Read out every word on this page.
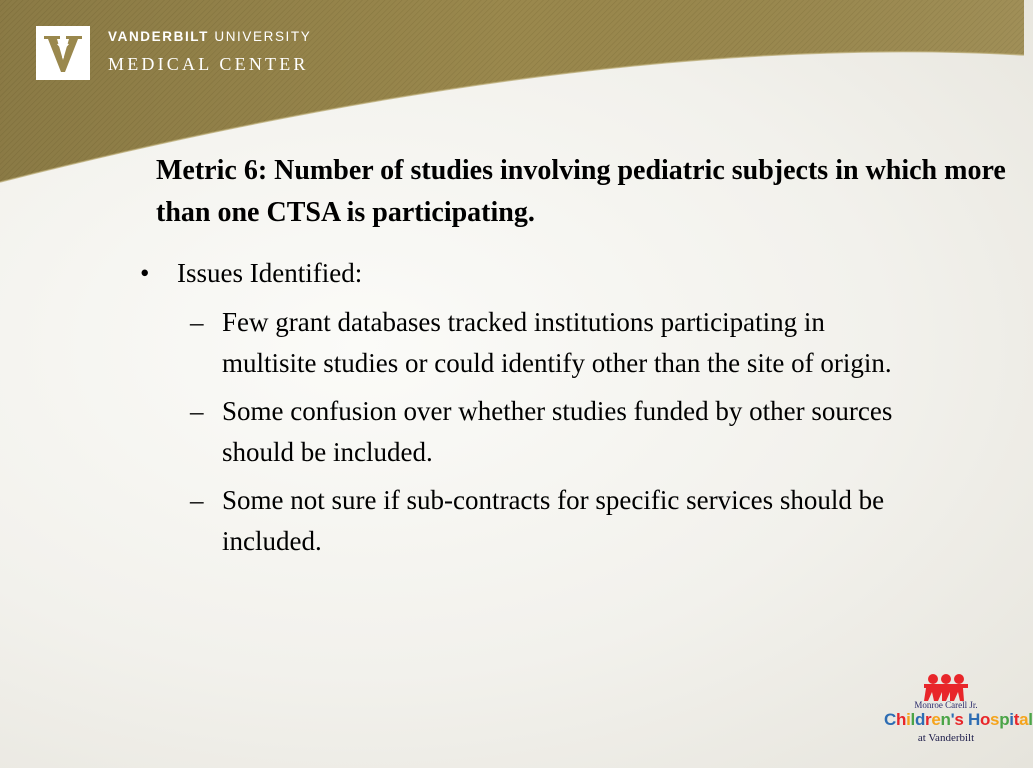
VANDERBILT UNIVERSITY
MEDICAL CENTER
Metric 6: Number of studies involving pediatric subjects in which more than one CTSA is participating.
• Issues Identified:
– Few grant databases tracked institutions participating in multisite studies or could identify other than the site of origin.
– Some confusion over whether studies funded by other sources should be included.
– Some not sure if sub-contracts for specific services should be included.
Monroe Carell Jr.
Children's Hospital
at Vanderbilt
